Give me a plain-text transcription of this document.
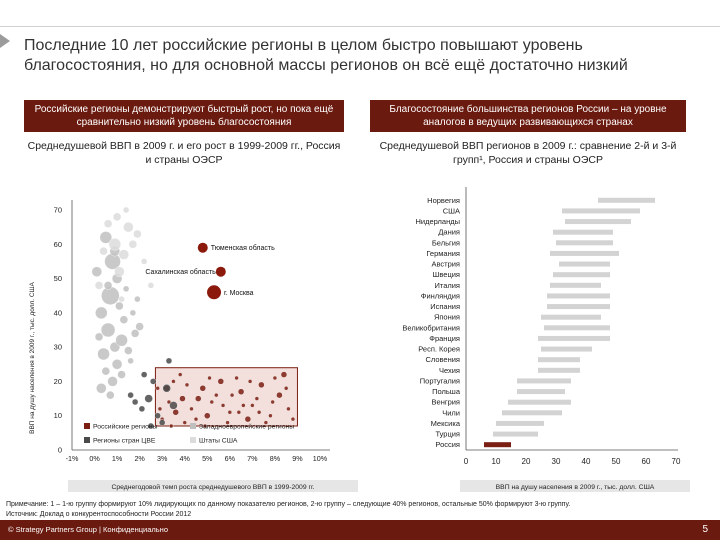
Последние 10 лет российские регионы в целом быстро повышают уровень благосостояния, но для основной массы регионов он всё ещё достаточно низкий
Российские регионы демонстрируют быстрый рост, но пока ещё сравнительно низкий уровень благосостояния
Благосостояние большинства регионов России – на уровне аналогов в ведущих развивающихся странах
Среднедушевой ВВП в 2009 г. и его рост в 1999-2009 гг., Россия и страны ОЭСР
Среднедушевой ВВП регионов в 2009 г.: сравнение 2-й и 3-й групп¹, Россия и страны ОЭСР
ВВП на душу населения в 2009 г., тыс. долл. США
0
10
20
30
40
50
60
70
-1% 0% 1% 2% 3% 4% 5% 6% 7% 8% 9% 10%
Тюменская область
Сахалинская область
г. Москва
Российские регионы	Западноевропейские регионы
Регионы стран ЦВЕ	Штаты США
Среднегодовой темп роста среднедушевого ВВП в 1999-2009 гг.
Норвегия
США
Нидерланды
Дания
Бельгия
Германия
Австрия
Швеция
Италия
Финляндия
Испания
Япония
Великобритания
Франция
Респ. Корея
Словения
Чехия
Португалия
Польша
Венгрия
Чили
Мексика
Турция
Россия
0	10	20	30	40	50	60	70
ВВП на душу населения в 2009 г., тыс. долл. США
Примечание: 1 – 1-ю группу формируют 10% лидирующих по данному показателю регионов, 2-ю группу – следующие 40% регионов, остальные 50% формируют 3-ю группу.
Источник: Доклад о конкурентоспособности России 2012
© Strategy Partners Group | Конфиденциально	5
